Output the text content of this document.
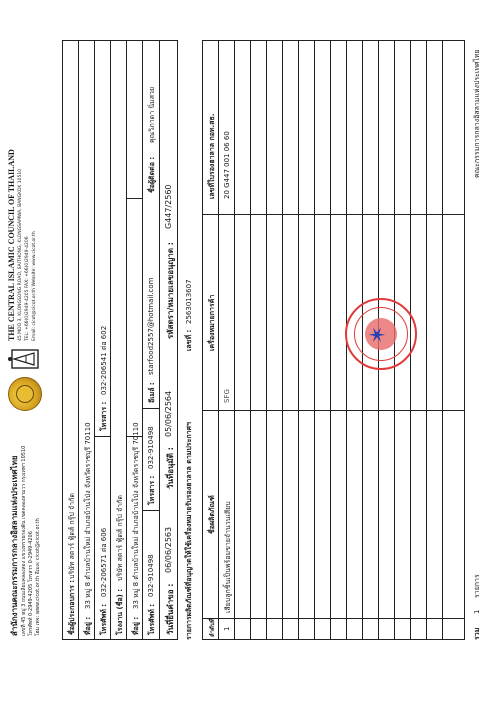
สำนักงานคณะกรรมการกลางอิสลามแห่งประเทศไทย เลขที่ 45 หมู่ 3 ถนนเลียบคลองสอง แขวงทรายกองดิน เขตคลองสามวา กรุงเทพฯ 10510 โทรศัพท์ 0-2949-4205 โทรสาร 0-2949-4206 โฮม เพจ: www.cicot.or.th อีเมล: cicot@cicot.or.th
THE CENTRAL ISLAMIC COUNCIL OF THAILAND 45 MOO 3, KLONGSONG ROAD, SAITHONG, KLONGSAMWA, BANGKOK 10510 TEL: +66(0)2949-4205 FAX: +66(0)2949-4206 Email: cicot@cicot.or.th Website: www.cicot.or.th
ชื่อผู้ประกอบการ :
บริษัท สตาร์ ฟู้ดส์ กรุ๊ป จำกัด
ที่อยู่ :
33 หมู่ 8 ตำบลบ้านใหม่ อำเภอบ้านโป่ง จังหวัดราชบุรี 70110
โทรศัพท์ :
032-206571 ต่อ 606
โทรสาร :
032-206541 ต่อ 602
โรงงาน (ชื่อ) :
บริษัท สตาร์ ฟู้ดส์ กรุ๊ป จำกัด
ที่อยู่ :
33 หมู่ 8 ตำบลบ้านใหม่ อำเภอบ้านโป่ง จังหวัดราชบุรี 70110
โทรศัพท์ :
032-910498
โทรสาร :
032-910498
อีเมล์ :
starfood2557@hotmail.com
ชื่อผู้ติดต่อ :
คุณวิภาดา นิ่มสวย
วันที่ยื่นคำขอ :
06/06/2563
วันที่อนุมัติ :
05/06/2564
รหัสตรา/หมายเลขอนุญาต :
G447/2560
รายการผลิตภัณฑ์ที่อนุญาตให้ใช้เครื่องหมายรับรองฮาลาล ตามประกาศฯ
เลขที่ :
2563013607
ลำดับที่
ชื่อผลิตภัณฑ์
เครื่องหมายการค้า
เลขที่ใบรองฮาลาล กอท.สธ.
1
เสียบลูกชิ้นเป็นพร้อมขายจำนวนเสียบ
SFG
20 G447 001 06 60
✶
รวม
1
รายการ
คณะกรรมการกลางอิสลามแห่งประเทศไทย
